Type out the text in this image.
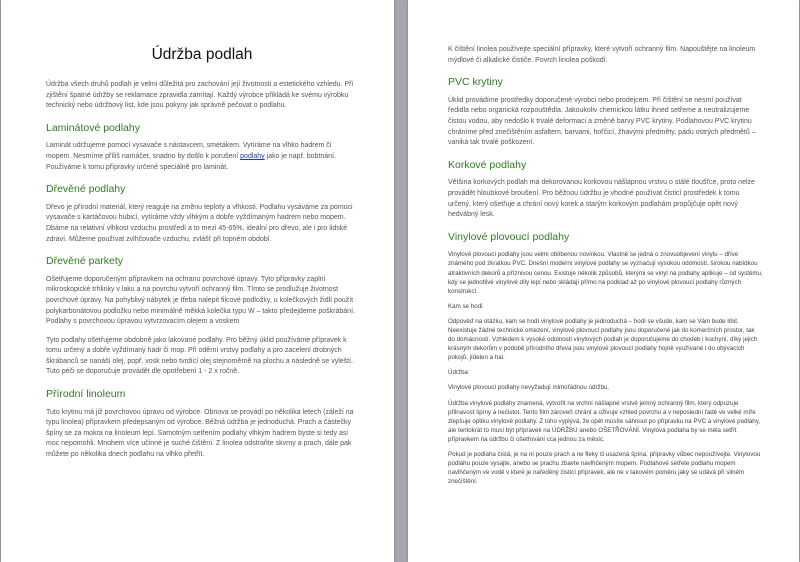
Údržba podlah

Údržba všech druhů podlah je velmi důležitá pro zachování její životnosti a estetického vzhledu. Při zjištění špatné údržby se reklamace zpravidla zamítají. Každý výrobce přikládá ke svému výrobku technický nebo údržbový list, kde jsou pokyny jak správně pečovat o podlahu.

Laminátové podlahy

Laminát udržujeme pomocí vysavače s nástavcem, smetákem. Vytíráme na vlhko hadrem či mopem. Nesmíme příliš namáčet, snadno by došlo k porušení podlahy jako je např. bobtnání. Používáme k tomu přípravky určené speciálně pro laminát.

Dřevěné podlahy

Dřevo je přírodní materiál, který reaguje na změnu teploty a vlhkosti. Podlahu vysáváme za pomoci vysavače s kartáčovou hubicí, vytíráme vždy vlhkým a dobře vyždímaným hadrem nebo mopem. Dbáme na relativní vlhkost vzduchu prostředí a to mezi 45-65%, ideální pro dřevo, ale i pro lidské zdraví. Můžeme používat zvlhčovače vzduchu, zvlášť při topném období.

Dřevěné parkety

Ošetřujeme doporučeným přípravkem na ochranu povrchové úpravy. Tyto přípravky zaplní mikroskopické trhlinky v laku a na povrchu vytvoří ochranný film. Tímto se prodlužuje životnost povrchové úpravy. Na pohyblivý nábytek je třeba nalepit filcové podložky, u kolečkových židlí použít polykarbonátovou podložku nebo minimálně měkká kolečka typu W – takto předejdeme poškrábání. Podlahy s povrchovou úpravou vytvrzovacím olejem a voskem

Tyto podlahy ošetřujeme obdobně jako lakované podlahy. Pro běžný úklid používáme přípravek k tomu určený a dobře vyždímaný hadr či mop. Při oděrní vrstvy podlahy a pro zacelení drobných škrábanců se nanáší olej, popř. vosk nebo tvrdící olej stejnoměrně na plochu a následně se vyleští. Tuto péči se doporučuje provádět dle opotřebení 1 - 2 x ročně.

Přírodní linoleum

Tuto krytinu má již povrchovou úpravu od výrobce. Obnova se provádí po několika letech (záleží na typu linolea) přípravkem předepsaným od výrobce. Běžná údržba je jednoduchá. Prach a částečky špíny se za mokra na linoleum lepí. Samotným setřením podlahy vlhkým hadrem byste si tedy asi moc nepomohli. Mnohem více učinné je suché čištění. Z linolea odstraňte skvrny a prach, dále pak můžete po několika dnech podlahu na vlhko přetřít.

K čištění linolea používejte speciální přípravky, které vytvoří ochranný film. Napouštějte na linoleum mýdlové či alkalické čističe. Povrch linolea poškodí.

PVC krytiny

Úklid provádíme prostředky doporučené výrobci nebo prodejcem. Při čištění se nesmí používat ředidla nebo organická rozpouštědla. Jakoukoliv chemickou látku ihned setřeme a neutralizujeme čistou vodou, aby nedošlo k trvalé deformaci a změně barvy PVC krytiny. Podlahovou PVC krytinu chráníme před znečištěním asfaltem, barvami, hořčicí, žhavými předměty, pádu ostrých předmětů – vaniká tak trvalé poškození.

Korkové podlahy

Většina korkových podlah má dekorovanou korkovou nášlapnou vrstvu o stálé tloušťce, proto nelze provádět hloubkové broušení. Pro běžnou údržbu je vhodné používat čisticí prostředek k tomu určený, který ošetřuje a chrání nový korek a starým korkovým podlahám propůjčuje opět nový hedvábný lesk.

Vinylové plovoucí podlahy

Vinylové plovoucí podlahy jsou velmi oblíbenou novinkou. Vlastně se jedná o znovuobjevení vinylu – dříve známého pod zkratkou PVC. Dnešní moderní vinylové podlahy se vyznačují vysokou odolností, širokou nabídkou atraktivních dekorů a příznivou cenou. Existuje několik způsobů, kterými se vinyl na podlahy aplikuje – od systému, kdy se jednotlivé vinylové díly lepí nebo skládají přímo na podklad až po vinylové plovoucí podlahy různých konstrukcí.

Kam se hodí

Odpověď na otázku, kam se hodí vinylové podlahy je jednoduchá – hodí se všude, kam se Vám bude líbit. Neexistuje žádné technické omezení, vinylové plovoucí podlahy jsou doporučené jak do komerčních prostor, tak do domácností. Vzhledem k vysoké odolnosti vinylových podlah je doporučujeme do chodeb i kuchyní, díky jejich krásným dekorům v podobě přírodního dřeva jsou vinylové plovoucí podlahy hojně využívané i do obývacích pokojů, jídelen a hal.

Údržba

Vinylové plovoucí podlahy nevyžadují mimořádnou údržbu.

Údržba vinylové podlahy znamená, vytvořit na vrchní nášlapné vrstvě jemný ochranný film, který odpuzuje přilnavost špíny a nečistot. Tento film zároveň chrání a oživuje vzhled povrchu a v neposlední řadě ve velké míře zlepšuje optiku vinylové podlahy. Z toho vyplývá, že opět musíte sáhnout po přípravku na PVC a vinylové podlahy, ale tentokrát to musí být přípravek na ÚDRŽBU anebo OŠETŘOVÁNÍ. Vinylová podlaha by se měla setřít přípravkem na údržbu či ošetřování cca jednou za měsíc.

Pokud je podlaha čistá, je na ní pouze prach a ne fleky či usazená špína, přípravky vůbec nepoužívejte. Vinylovou podlahu pouze vysajte, anebo se prachu zbavte navlhčeným mopem. Podlahové setřete podlahu mopem navlhčeným ve vodě v které je naředěný čisticí přípravek, ale ne v takovém poměru jaký se udává při silném znečištění.
